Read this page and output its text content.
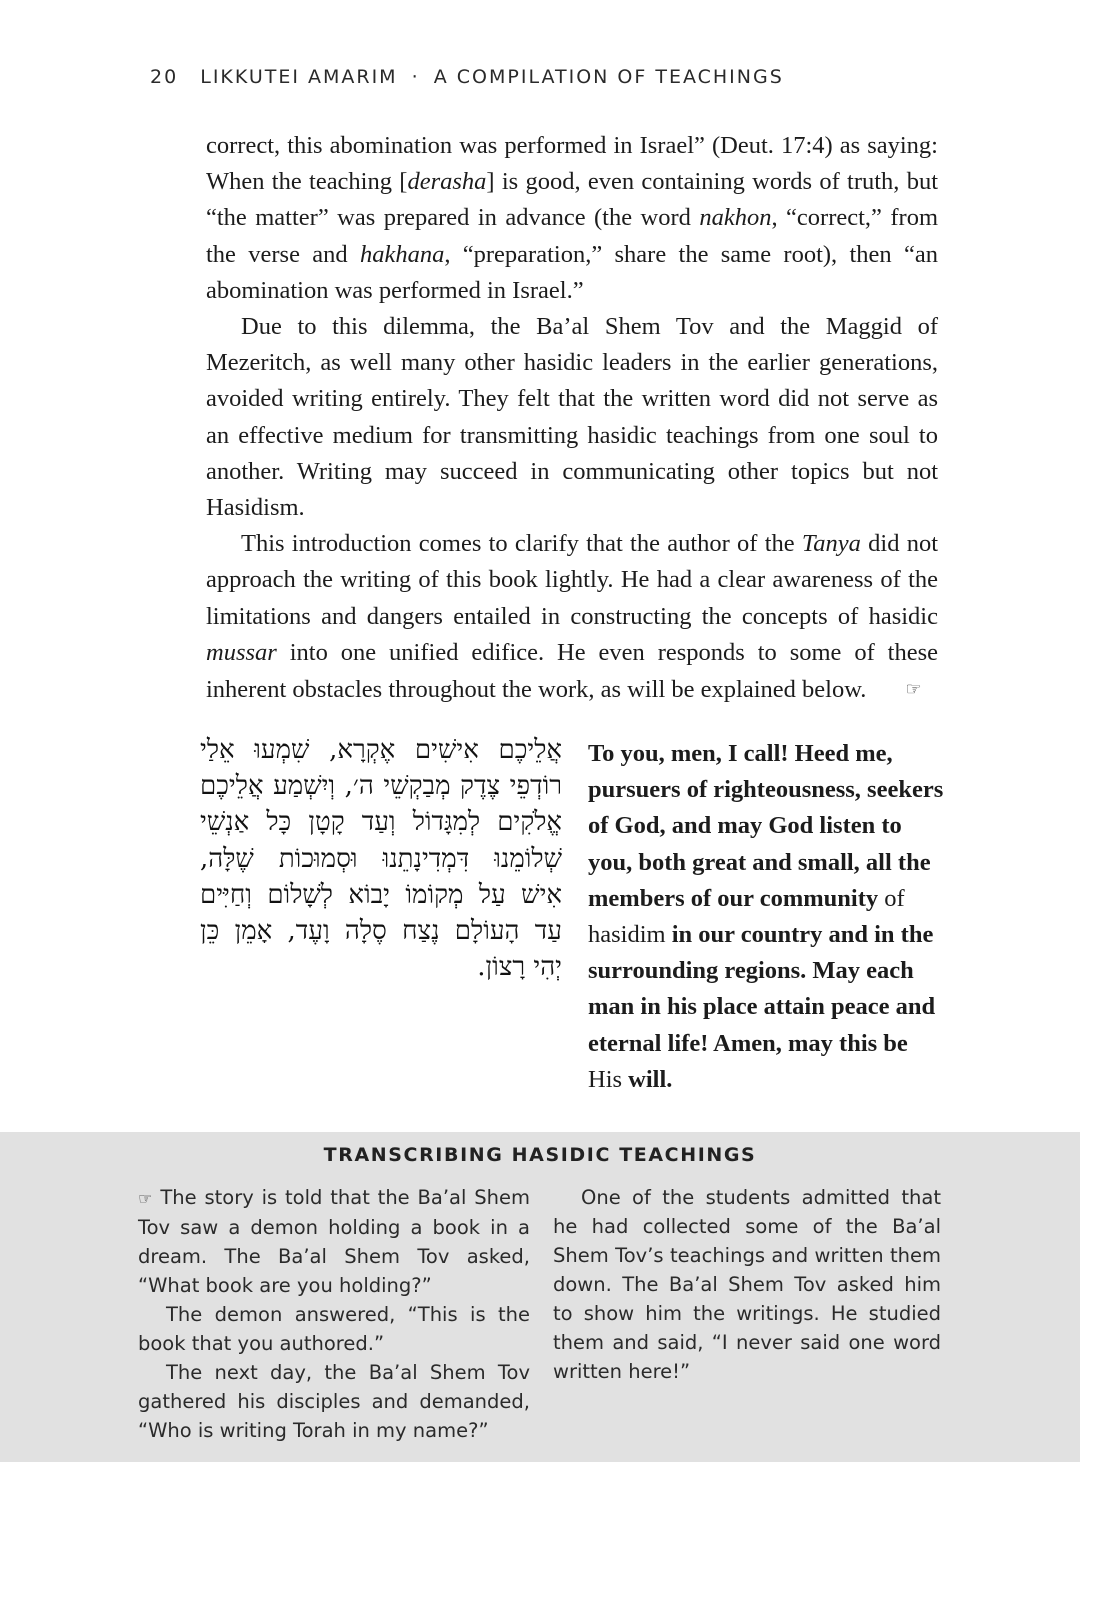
20 LIKKUTEI AMARIM · A COMPILATION OF TEACHINGS

correct, this abomination was performed in Israel” (Deut. 17:4) as saying: When the teaching [derasha] is good, even containing words of truth, but “the matter” was prepared in advance (the word nakhon, “correct,” from the verse and hakhana, “preparation,” share the same root), then “an abomination was performed in Israel.”

Due to this dilemma, the Ba’al Shem Tov and the Maggid of Mezeritch, as well many other hasidic leaders in the earlier generations, avoided writing entirely. They felt that the written word did not serve as an effective medium for transmitting hasidic teachings from one soul to another. Writing may succeed in communicating other topics but not Hasidism.

This introduction comes to clarify that the author of the Tanya did not approach the writing of this book lightly. He had a clear awareness of the limitations and dangers entailed in constructing the concepts of hasidic mussar into one unified edifice. He even responds to some of these inherent obstacles throughout the work, as will be explained below. ☞

אֲלֵיכֶם אִישִׁים אֶקְרָא, שִׁמְעוּ אֵלַי
רוֹדְפֵי צֶדֶק מְבַקְשֵׁי ה׳, וְיִשְׁמַע אֲלֵיכֶם
אֱלֹקִים לְמִגָּדוֹל וְעַד קָטָן כָּל אַנְשֵׁי
שְׁלוֹמֵנוּ דִּמְדִינָתֵנוּ וּסְמוּכוֹת שֶׁלָּה,
אִישׁ עַל מְקוֹמוֹ יָבוֹא לְשָׁלוֹם וְחַיִּים
עַד הָעוֹלָם נֶצַח סֶלָה וָעֶד, אָמֵן כֵּן
יְהִי רָצוֹן.
To you, men, I call! Heed me, pursuers of righteousness, seekers of God, and may God listen to you, both great and small, all the members of our community of hasidim in our country and in the surrounding regions. May each man in his place attain peace and eternal life! Amen, may this be His will.
TRANSCRIBING HASIDIC TEACHINGS

☞ The story is told that the Ba’al Shem Tov saw a demon holding a book in a dream. The Ba’al Shem Tov asked, “What book are you holding?”

The demon answered, “This is the book that you authored.”

The next day, the Ba’al Shem Tov gathered his disciples and demanded, “Who is writing Torah in my name?”

One of the students admitted that he had collected some of the Ba’al Shem Tov’s teachings and written them down. The Ba’al Shem Tov asked him to show him the writings. He studied them and said, “I never said one word written here!”
